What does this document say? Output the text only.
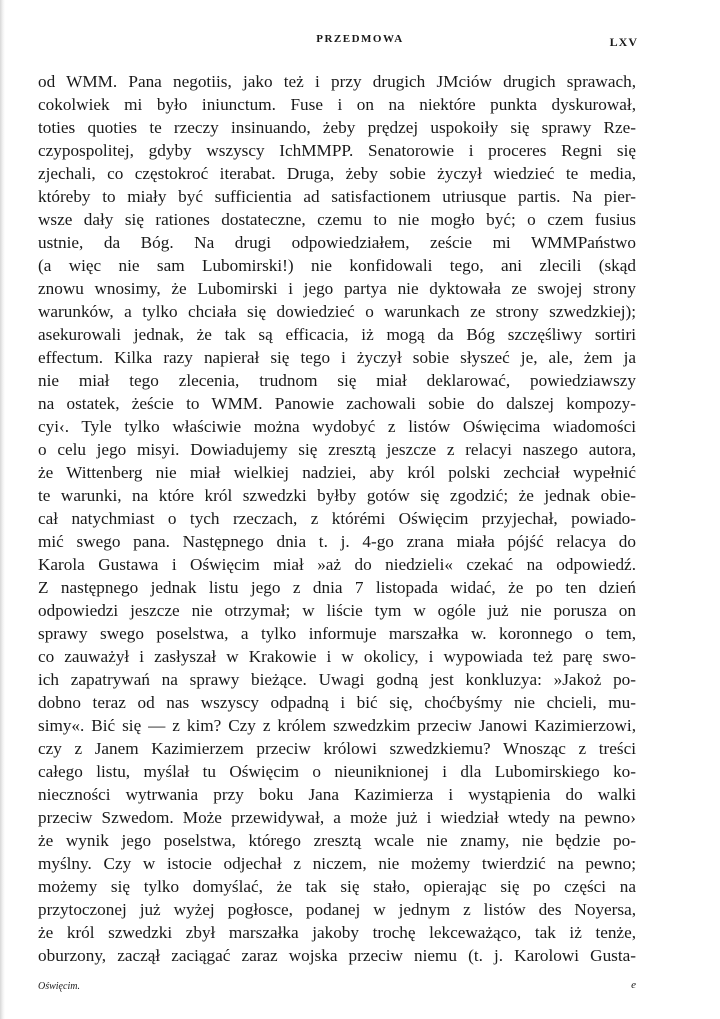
PRZEDMOWA	LXV
od WMM. Pana negotiis, jako też i przy drugich JMciów drugich sprawach,
cokolwiek mi było iniunctum. Fuse i on na niektóre punkta dyskurował,
toties quoties te rzeczy insinuando, żeby prędzej uspokoiły się sprawy Rze-
czypospolitej, gdyby wszyscy IchMMPP. Senatorowie i proceres Regni się
zjechali, co częstokroć iterabat. Druga, żeby sobie życzył wiedzieć te media,
któreby to miały być sufficientia ad satisfactionem utriusque partis. Na pier-
wsze dały się rationes dostateczne, czemu to nie mogło być; o czem fusius
ustnie, da Bóg. Na drugi odpowiedziałem, zeście mi WMMPaństwo
(a więc nie sam Lubomirski!) nie konfidowali tego, ani zlecili (skąd
znowu wnosimy, że Lubomirski i jego partya nie dyktowała ze swojej strony
warunków, a tylko chciała się dowiedzieć o warunkach ze strony szwedzkiej);
asekurowali jednak, że tak są efficacia, iż mogą da Bóg szczęśliwy sortiri
effectum. Kilka razy napierał się tego i życzył sobie słyszeć je, ale, żem ja
nie miał tego zlecenia, trudnom się miał deklarować, powiedziawszy
na ostatek, żeście to WMM. Panowie zachowali sobie do dalszej kompozy-
cyi‹. Tyle tylko właściwie można wydobyć z listów Oświęcima wiadomości
o celu jego misyi. Dowiadujemy się zresztą jeszcze z relacyi naszego autora,
że Wittenberg nie miał wielkiej nadziei, aby król polski zechciał wypełnić
te warunki, na które król szwedzki byłby gotów się zgodzić; że jednak obie-
cał natychmiast o tych rzeczach, z którémi Oświęcim przyjechał, powiado-
mić swego pana. Następnego dnia t. j. 4-go zrana miała pójść relacya do
Karola Gustawa i Oświęcim miał »aż do niedzieli« czekać na odpowiedź.
Z następnego jednak listu jego z dnia 7 listopada widać, że po ten dzień
odpowiedzi jeszcze nie otrzymał; w liście tym w ogóle już nie porusza on
sprawy swego poselstwa, a tylko informuje marszałka w. koronnego o tem,
co zauważył i zasłyszał w Krakowie i w okolicy, i wypowiada też parę swo-
ich zapatrywań na sprawy bieżące. Uwagi godną jest konkluzya: »Jakoż po-
dobno teraz od nas wszyscy odpadną i bić się, choćbyśmy nie chcieli, mu-
simy«. Bić się — z kim? Czy z królem szwedzkim przeciw Janowi Kazimierzowi,
czy z Janem Kazimierzem przeciw królowi szwedzkiemu? Wnosząc z treści
całego listu, myślał tu Oświęcim o nieuniknionej i dla Lubomirskiego ko-
nieczności wytrwania przy boku Jana Kazimierza i wystąpienia do walki
przeciw Szwedom. Może przewidywał, a może już i wiedział wtedy na pewno›
że wynik jego poselstwa, którego zresztą wcale nie znamy, nie będzie po-
myślny. Czy w istocie odjechał z niczem, nie możemy twierdzić na pewno;
możemy się tylko domyślać, że tak się stało, opierając się po części na
przytoczonej już wyżej pogłosce, podanej w jednym z listów des Noyersa,
że król szwedzki zbył marszałka jakoby trochę lekceważąco, tak iż tenże,
oburzony, zaczął zaciągać zaraz wojska przeciw niemu (t. j. Karolowi Gusta-
Oświęcim.	e
